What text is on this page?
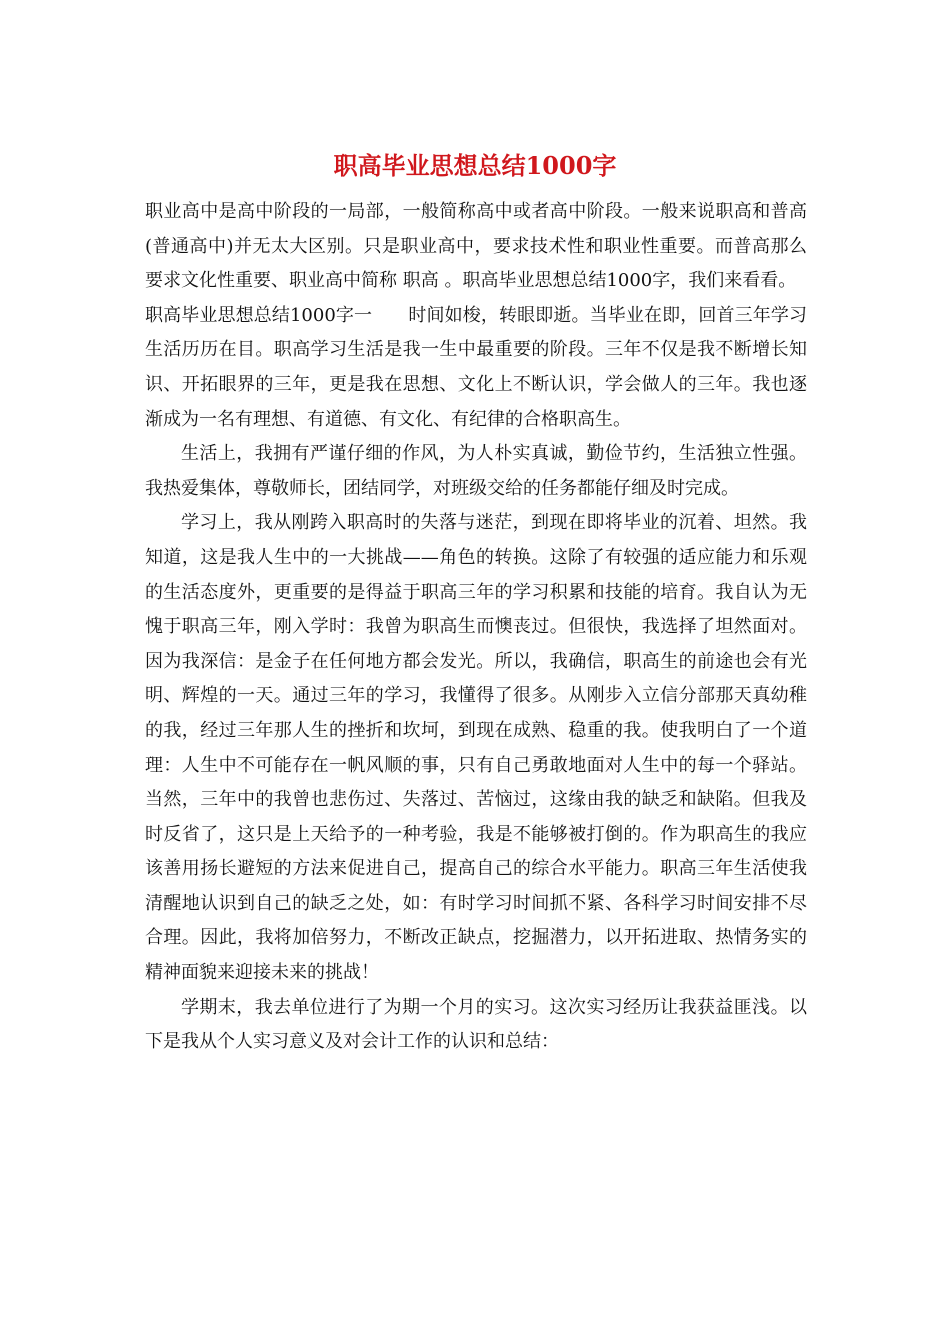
职高毕业思想总结1000字

职业高中是高中阶段的一局部，一般简称高中或者高中阶段。一般来说职高和普高(普通高中)并无太大区别。只是职业高中，要求技术性和职业性重要。而普高那么要求文化性重要、职业高中简称 职高 。职高毕业思想总结1000字，我们来看看。

职高毕业思想总结1000字一　　时间如梭，转眼即逝。当毕业在即，回首三年学习生活历历在目。职高学习生活是我一生中最重要的阶段。三年不仅是我不断增长知识、开拓眼界的三年，更是我在思想、文化上不断认识，学会做人的三年。我也逐渐成为一名有理想、有道德、有文化、有纪律的合格职高生。

生活上，我拥有严谨仔细的作风，为人朴实真诚，勤俭节约，生活独立性强。我热爱集体，尊敬师长，团结同学，对班级交给的任务都能仔细及时完成。

学习上，我从刚跨入职高时的失落与迷茫，到现在即将毕业的沉着、坦然。我知道，这是我人生中的一大挑战——角色的转换。这除了有较强的适应能力和乐观的生活态度外，更重要的是得益于职高三年的学习积累和技能的培育。我自认为无愧于职高三年，刚入学时：我曾为职高生而懊丧过。但很快，我选择了坦然面对。因为我深信：是金子在任何地方都会发光。所以，我确信，职高生的前途也会有光明、辉煌的一天。通过三年的学习，我懂得了很多。从刚步入立信分部那天真幼稚的我，经过三年那人生的挫折和坎坷，到现在成熟、稳重的我。使我明白了一个道理：人生中不可能存在一帆风顺的事，只有自己勇敢地面对人生中的每一个驿站。当然，三年中的我曾也悲伤过、失落过、苦恼过，这缘由我的缺乏和缺陷。但我及时反省了，这只是上天给予的一种考验，我是不能够被打倒的。作为职高生的我应该善用扬长避短的方法来促进自己，提高自己的综合水平能力。职高三年生活使我清醒地认识到自己的缺乏之处，如：有时学习时间抓不紧、各科学习时间安排不尽合理。因此，我将加倍努力，不断改正缺点，挖掘潜力，以开拓进取、热情务实的精神面貌来迎接未来的挑战！

学期末，我去单位进行了为期一个月的实习。这次实习经历让我获益匪浅。以下是我从个人实习意义及对会计工作的认识和总结：
